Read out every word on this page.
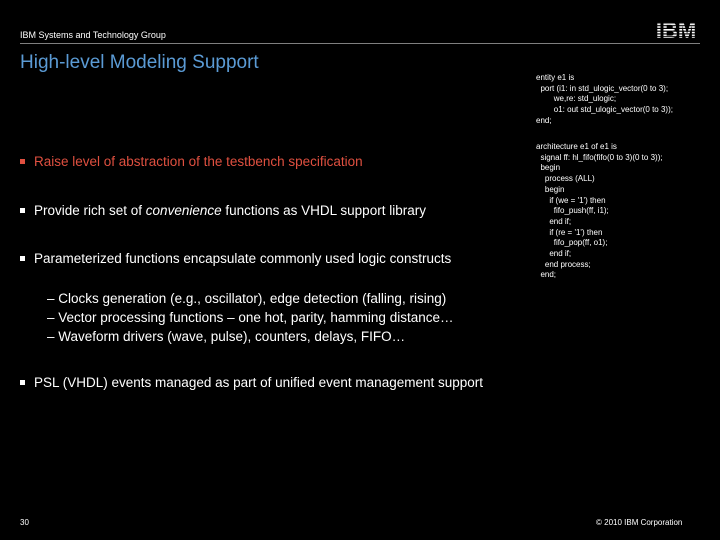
IBM Systems and Technology Group
High-level Modeling Support
entity e1 is
port (i1: in std_ulogic_vector(0 to 3);
we,re: std_ulogic;
o1: out std_ulogic_vector(0 to 3));
end;
architecture e1 of e1 is
signal ff: hl_fifo(fifo(0 to 3)(0 to 3));
begin
process (ALL)
begin
if (we = '1') then
fifo_push(ff, i1);
end if;
if (re = '1') then
fifo_pop(ff, o1);
end if;
end process;
end;
Raise level of abstraction of the testbench specification
Provide rich set of convenience functions as VHDL support library
Parameterized functions encapsulate commonly used logic constructs
– Clocks generation (e.g., oscillator), edge detection (falling, rising)
– Vector processing functions – one hot, parity, hamming distance…
– Waveform drivers (wave, pulse), counters, delays, FIFO…
PSL (VHDL) events managed as part of unified event management support
30	© 2010 IBM Corporation
